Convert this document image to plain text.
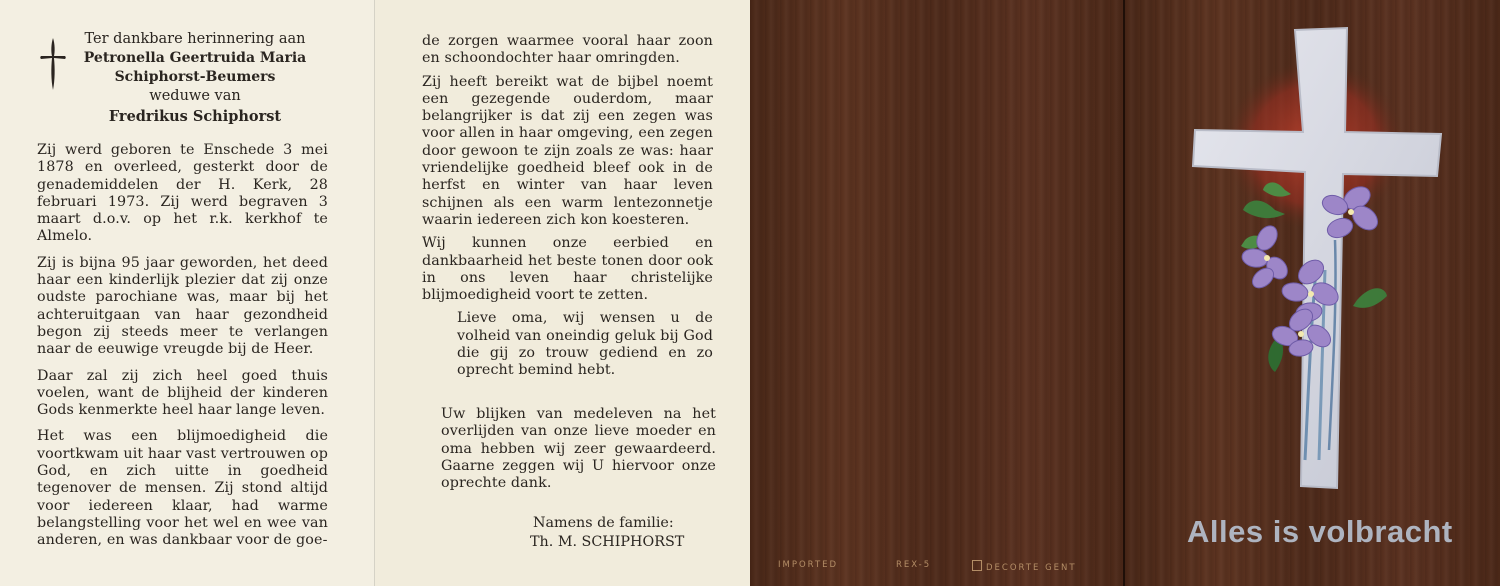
Ter dankbare herinnering aan
Petronella Geertruida Maria
Schiphorst-Beumers
weduwe van
Fredrikus Schiphorst

Zij werd geboren te Enschede 3 mei 1878 en overleed, gesterkt door de genademiddelen der H. Kerk, 28 februari 1973. Zij werd begraven 3 maart d.o.v. op het r.k. kerkhof te Almelo.

Zij is bijna 95 jaar geworden, het deed haar een kinderlijk plezier dat zij onze oudste parochiane was, maar bij het achteruitgaan van haar gezondheid begon zij steeds meer te verlangen naar de eeuwige vreugde bij de Heer.

Daar zal zij zich heel goed thuis voelen, want de blijheid der kinderen Gods kenmerkte heel haar lange leven.

Het was een blijmoedigheid die voortkwam uit haar vast vertrouwen op God, en zich uitte in goedheid tegenover de mensen. Zij stond altijd voor iedereen klaar, had warme belangstelling voor het wel en wee van anderen, en was dankbaar voor de goe-

de zorgen waarmee vooral haar zoon en schoondochter haar omringden.

Zij heeft bereikt wat de bijbel noemt een gezegende ouderdom, maar belangrijker is dat zij een zegen was voor allen in haar omgeving, een zegen door gewoon te zijn zoals ze was: haar vriendelijke goedheid bleef ook in de herfst en winter van haar leven schijnen als een warm lentezonnetje waarin iedereen zich kon koesteren.

Wij kunnen onze eerbied en dankbaarheid het beste tonen door ook in ons leven haar christelijke blijmoedigheid voort te zetten.

Lieve oma, wij wensen u de volheid van oneindig geluk bij God die gij zo trouw gediend en zo oprecht bemind hebt.

Uw blijken van medeleven na het overlijden van onze lieve moeder en oma hebben wij zeer gewaardeerd. Gaarne zeggen wij U hiervoor onze oprechte dank.
Namens de familie:
Th. M. SCHIPHORST
IMPORTED	REX-5	DECORTE GENT
Alles is volbracht
